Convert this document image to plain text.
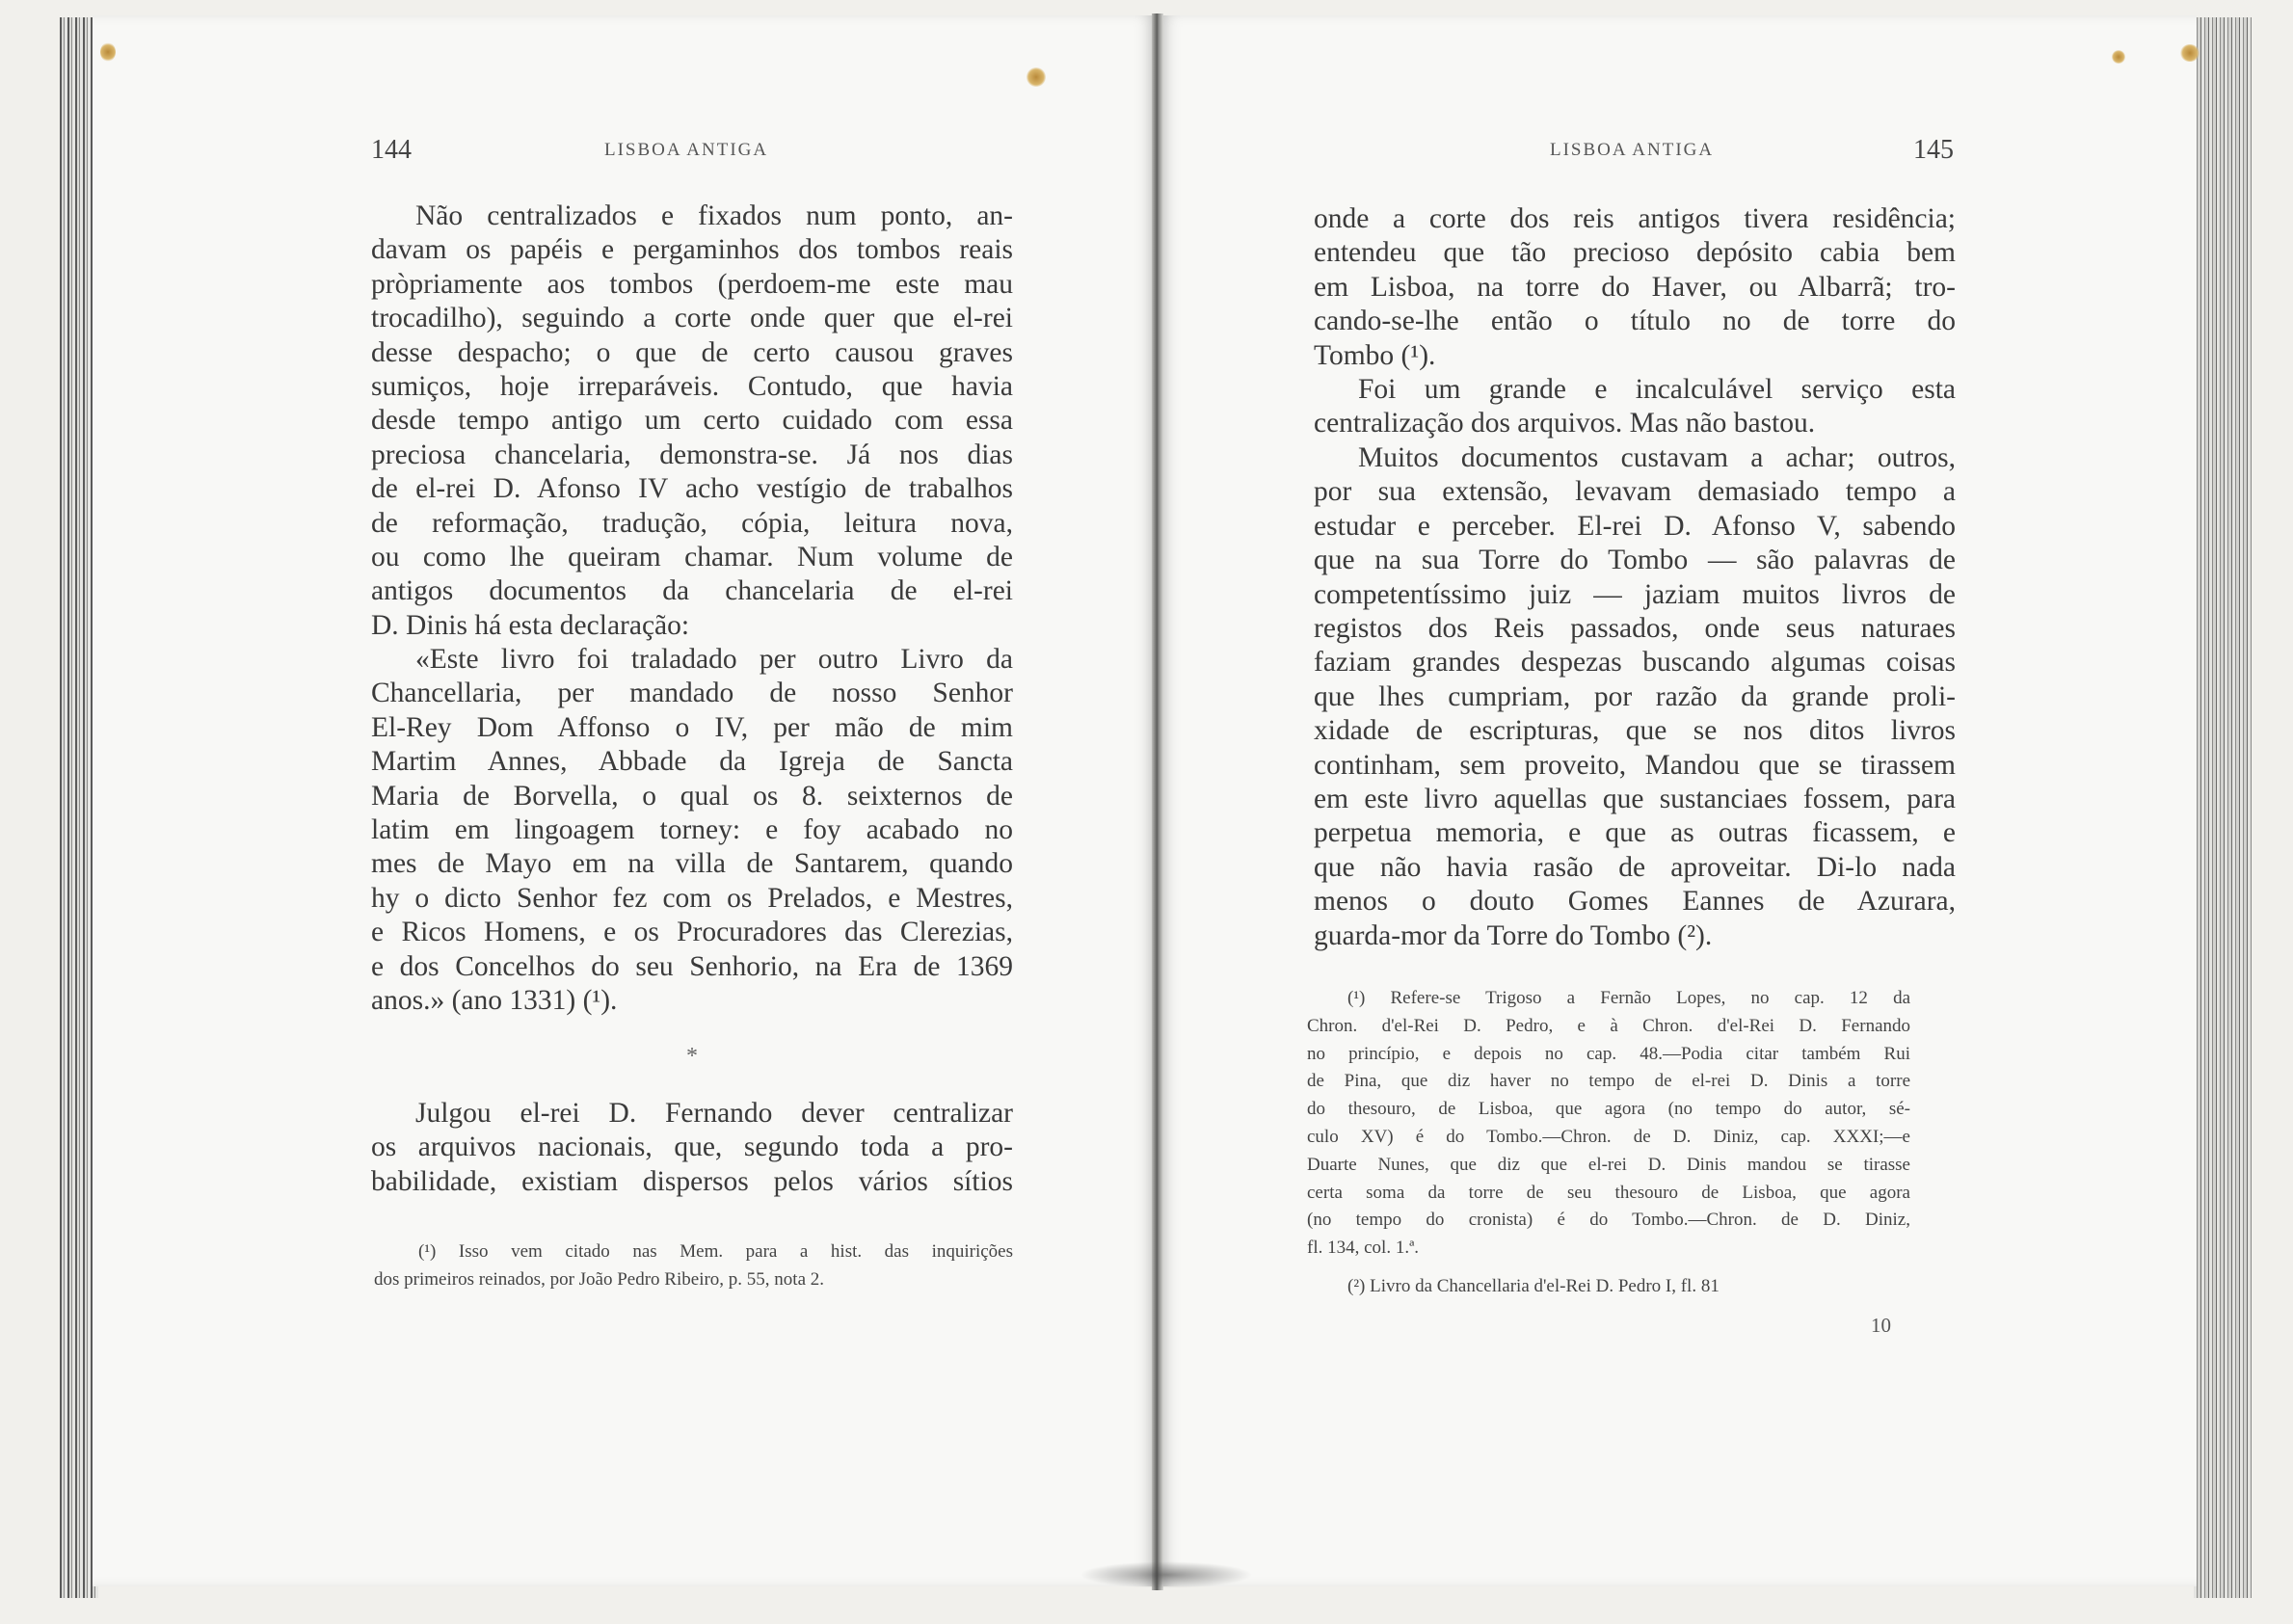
144	LISBOA ANTIGA

Não centralizados e fixados num ponto, an-

davam os papéis e pergaminhos dos tombos reais

pròpriamente aos tombos (perdoem-me este mau

trocadilho), seguindo a corte onde quer que el-rei

desse despacho; o que de certo causou graves

sumiços, hoje irreparáveis. Contudo, que havia

desde tempo antigo um certo cuidado com essa

preciosa chancelaria, demonstra-se. Já nos dias

de el-rei D. Afonso IV acho vestígio de trabalhos

de reformação, tradução, cópia, leitura nova,

ou como lhe queiram chamar. Num volume de

antigos documentos da chancelaria de el-rei

D. Dinis há esta declaração:

«Este livro foi traladado per outro Livro da

Chancellaria, per mandado de nosso Senhor

El-Rey Dom Affonso o IV, per mão de mim

Martim Annes, Abbade da Igreja de Sancta

Maria de Borvella, o qual os 8. seixternos de

latim em lingoagem torney: e foy acabado no

mes de Mayo em na villa de Santarem, quando

hy o dicto Senhor fez com os Prelados, e Mestres,

e Ricos Homens, e os Procuradores das Clerezias,

e dos Concelhos do seu Senhorio, na Era de 1369

anos.» (ano 1331) (¹).

*

Julgou el-rei D. Fernando dever centralizar

os arquivos nacionais, que, segundo toda a pro-

babilidade, existiam dispersos pelos vários sítios

(¹) Isso vem citado nas Mem. para a hist. das inquirições

dos primeiros reinados, por João Pedro Ribeiro, p. 55, nota 2.

LISBOA ANTIGA	145

onde a corte dos reis antigos tivera residência;

entendeu que tão precioso depósito cabia bem

em Lisboa, na torre do Haver, ou Albarrã; tro-

cando-se-lhe então o título no de torre do

Tombo (¹).

Foi um grande e incalculável serviço esta

centralização dos arquivos. Mas não bastou.

Muitos documentos custavam a achar; outros,

por sua extensão, levavam demasiado tempo a

estudar e perceber. El-rei D. Afonso V, sabendo

que na sua Torre do Tombo — são palavras de

competentíssimo juiz — jaziam muitos livros de

registos dos Reis passados, onde seus naturaes

faziam grandes despezas buscando algumas coisas

que lhes cumpriam, por razão da grande proli-

xidade de escripturas, que se nos ditos livros

continham, sem proveito, Mandou que se tirassem

em este livro aquellas que sustanciaes fossem, para

perpetua memoria, e que as outras ficassem, e

que não havia rasão de aproveitar. Di-lo nada

menos o douto Gomes Eannes de Azurara,

guarda-mor da Torre do Tombo (²).

(¹) Refere-se Trigoso a Fernão Lopes, no cap. 12 da

Chron. d'el-Rei D. Pedro, e à Chron. d'el-Rei D. Fernando

no princípio, e depois no cap. 48.—Podia citar também Rui

de Pina, que diz haver no tempo de el-rei D. Dinis a torre

do thesouro, de Lisboa, que agora (no tempo do autor, sé-

culo XV) é do Tombo.—Chron. de D. Diniz, cap. XXXI;—e

Duarte Nunes, que diz que el-rei D. Dinis mandou se tirasse

certa soma da torre de seu thesouro de Lisboa, que agora

(no tempo do cronista) é do Tombo.—Chron. de D. Diniz,

fl. 134, col. 1.ª.

(²) Livro da Chancellaria d'el-Rei D. Pedro I, fl. 81

10
